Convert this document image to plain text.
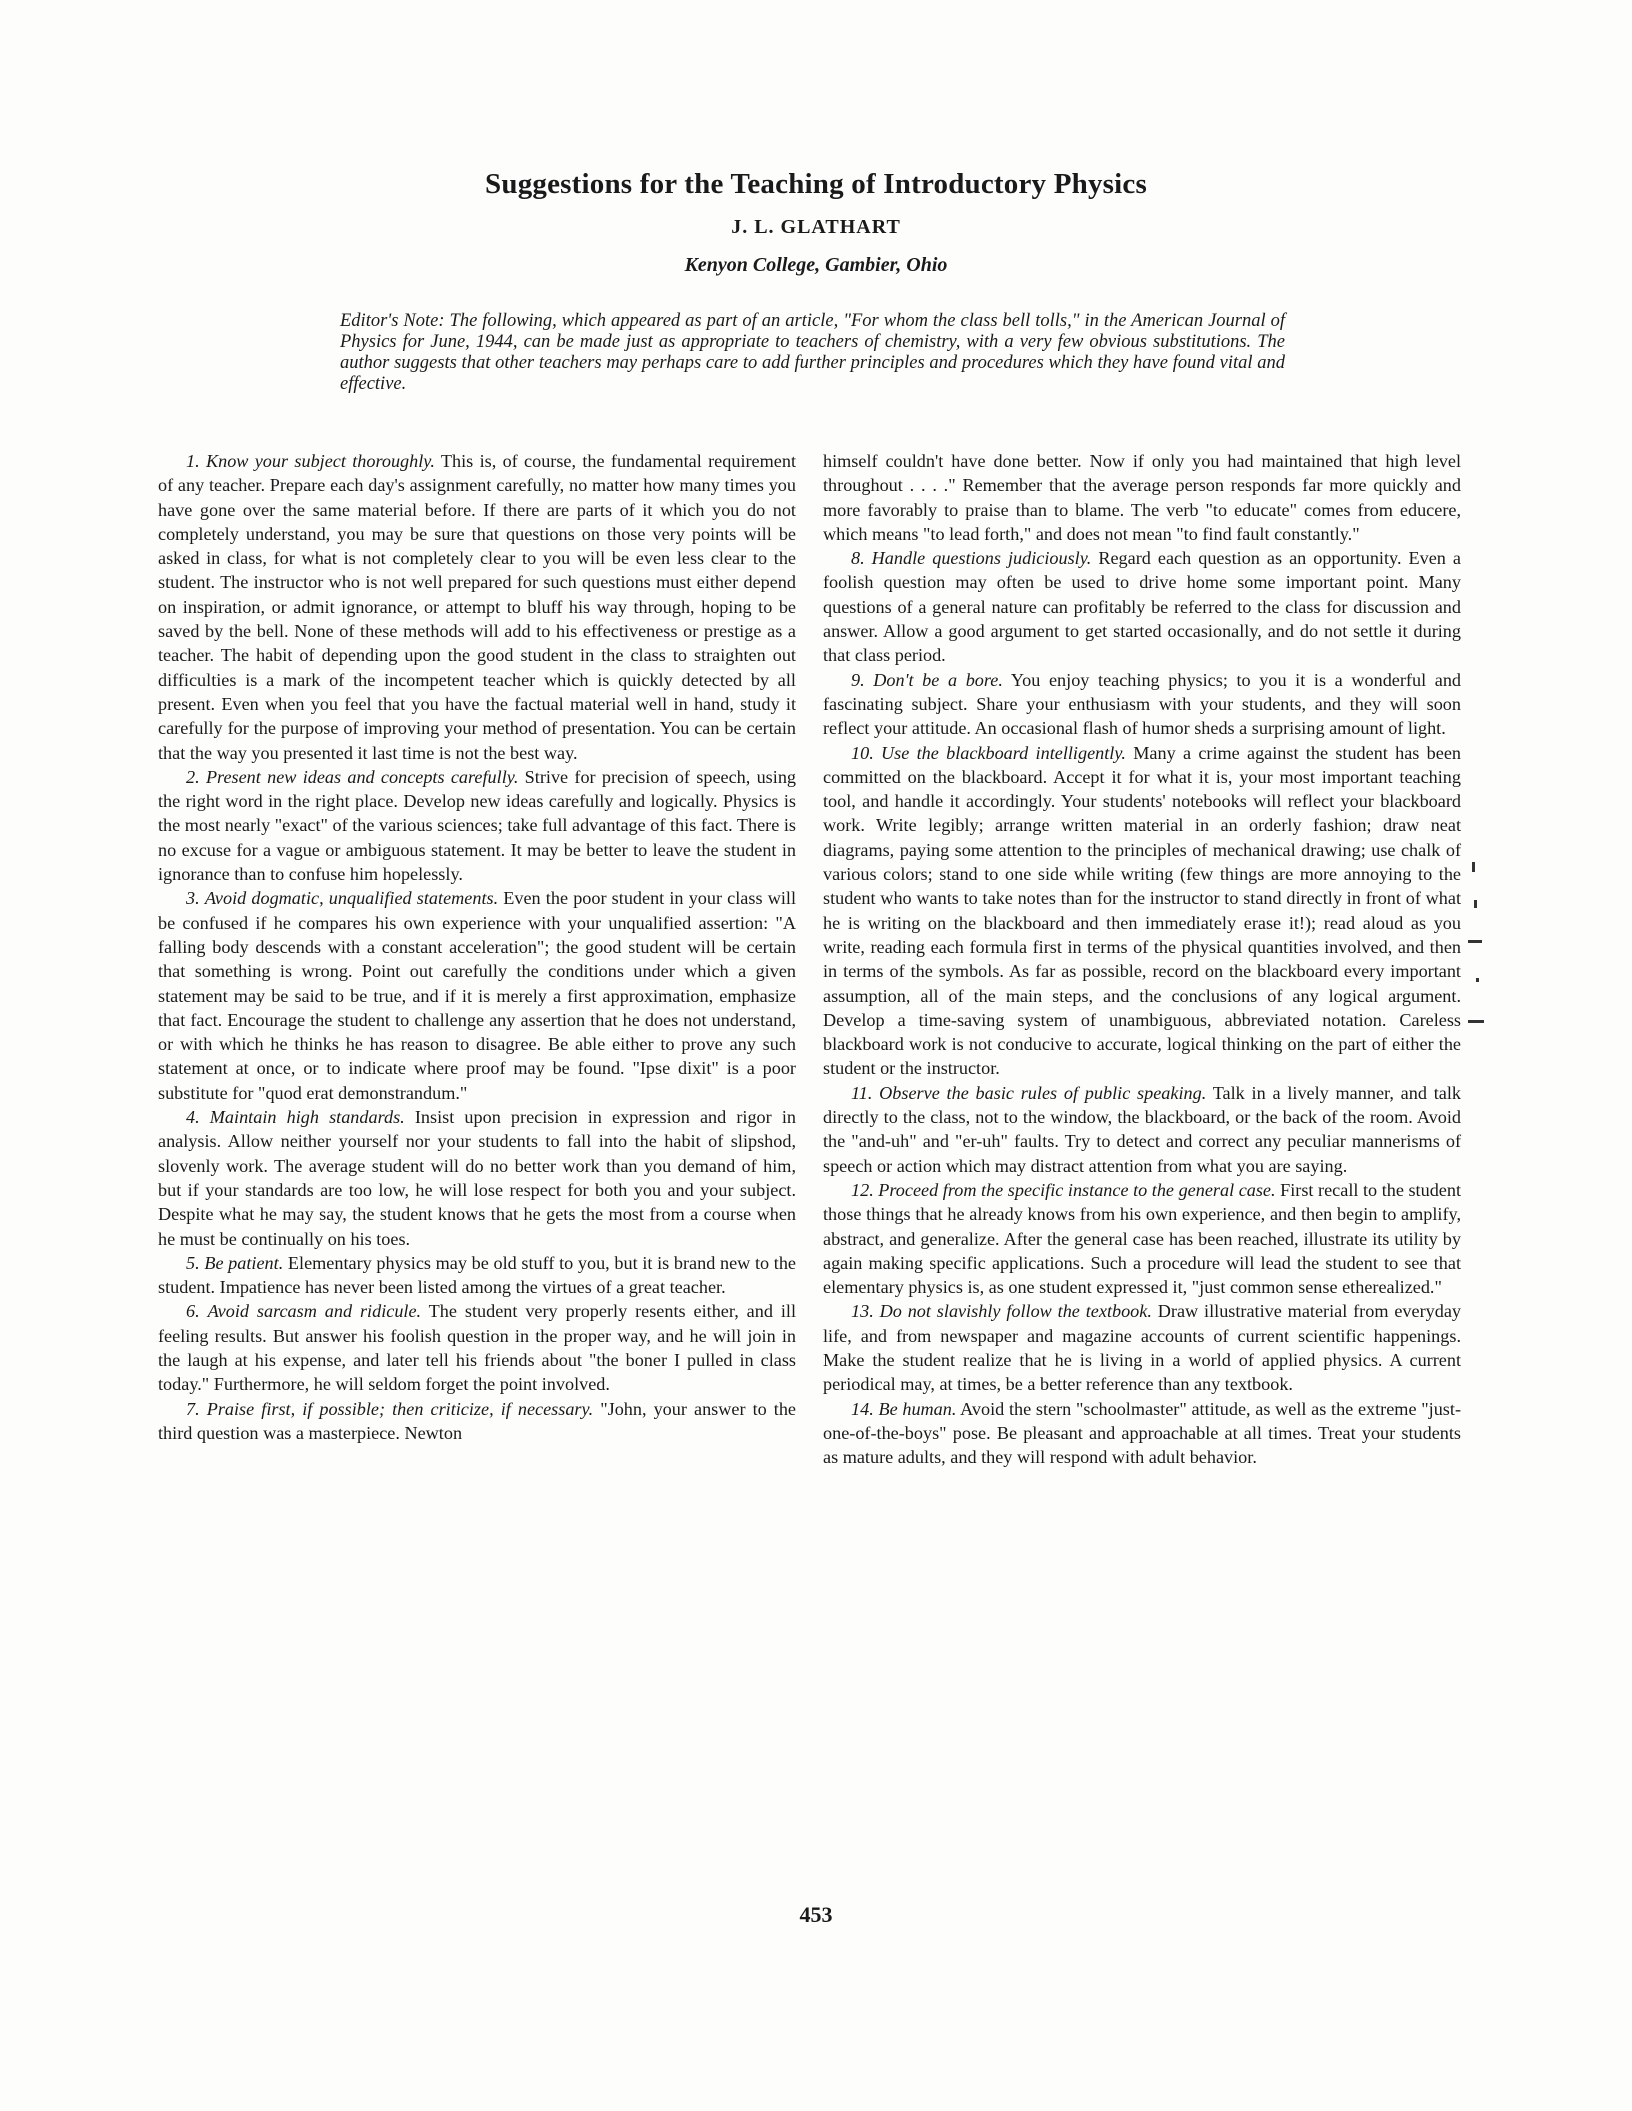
Suggestions for the Teaching of Introductory Physics
J. L. GLATHART
Kenyon College, Gambier, Ohio
Editor's Note: The following, which appeared as part of an article, "For whom the class bell tolls," in the American Journal of Physics for June, 1944, can be made just as appropriate to teachers of chemistry, with a very few obvious substitutions. The author suggests that other teachers may perhaps care to add further principles and procedures which they have found vital and effective.

1. Know your subject thoroughly. This is, of course, the fundamental requirement of any teacher. Prepare each day's assignment carefully, no matter how many times you have gone over the same material before. If there are parts of it which you do not completely understand, you may be sure that questions on those very points will be asked in class, for what is not completely clear to you will be even less clear to the student. The instructor who is not well prepared for such questions must either depend on inspiration, or admit ignorance, or attempt to bluff his way through, hoping to be saved by the bell. None of these methods will add to his effectiveness or prestige as a teacher. The habit of depending upon the good student in the class to straighten out difficulties is a mark of the incompetent teacher which is quickly detected by all present. Even when you feel that you have the factual material well in hand, study it carefully for the purpose of improving your method of presentation. You can be certain that the way you presented it last time is not the best way.

2. Present new ideas and concepts carefully. Strive for precision of speech, using the right word in the right place. Develop new ideas carefully and logically. Physics is the most nearly "exact" of the various sciences; take full advantage of this fact. There is no excuse for a vague or ambiguous statement. It may be better to leave the student in ignorance than to confuse him hopelessly.

3. Avoid dogmatic, unqualified statements. Even the poor student in your class will be confused if he compares his own experience with your unqualified assertion: "A falling body descends with a constant acceleration"; the good student will be certain that something is wrong. Point out carefully the conditions under which a given statement may be said to be true, and if it is merely a first approximation, emphasize that fact. Encourage the student to challenge any assertion that he does not understand, or with which he thinks he has reason to disagree. Be able either to prove any such statement at once, or to indicate where proof may be found. "Ipse dixit" is a poor substitute for "quod erat demonstrandum."

4. Maintain high standards. Insist upon precision in expression and rigor in analysis. Allow neither yourself nor your students to fall into the habit of slipshod, slovenly work. The average student will do no better work than you demand of him, but if your standards are too low, he will lose respect for both you and your subject. Despite what he may say, the student knows that he gets the most from a course when he must be continually on his toes.

5. Be patient. Elementary physics may be old stuff to you, but it is brand new to the student. Impatience has never been listed among the virtues of a great teacher.

6. Avoid sarcasm and ridicule. The student very properly resents either, and ill feeling results. But answer his foolish question in the proper way, and he will join in the laugh at his expense, and later tell his friends about "the boner I pulled in class today." Furthermore, he will seldom forget the point involved.

7. Praise first, if possible; then criticize, if necessary. "John, your answer to the third question was a masterpiece. Newton

himself couldn't have done better. Now if only you had maintained that high level throughout . . . ." Remember that the average person responds far more quickly and more favorably to praise than to blame. The verb "to educate" comes from educere, which means "to lead forth," and does not mean "to find fault constantly."

8. Handle questions judiciously. Regard each question as an opportunity. Even a foolish question may often be used to drive home some important point. Many questions of a general nature can profitably be referred to the class for discussion and answer. Allow a good argument to get started occasionally, and do not settle it during that class period.

9. Don't be a bore. You enjoy teaching physics; to you it is a wonderful and fascinating subject. Share your enthusiasm with your students, and they will soon reflect your attitude. An occasional flash of humor sheds a surprising amount of light.

10. Use the blackboard intelligently. Many a crime against the student has been committed on the blackboard. Accept it for what it is, your most important teaching tool, and handle it accordingly. Your students' notebooks will reflect your blackboard work. Write legibly; arrange written material in an orderly fashion; draw neat diagrams, paying some attention to the principles of mechanical drawing; use chalk of various colors; stand to one side while writing (few things are more annoying to the student who wants to take notes than for the instructor to stand directly in front of what he is writing on the blackboard and then immediately erase it!); read aloud as you write, reading each formula first in terms of the physical quantities involved, and then in terms of the symbols. As far as possible, record on the blackboard every important assumption, all of the main steps, and the conclusions of any logical argument. Develop a time-saving system of unambiguous, abbreviated notation. Careless blackboard work is not conducive to accurate, logical thinking on the part of either the student or the instructor.

11. Observe the basic rules of public speaking. Talk in a lively manner, and talk directly to the class, not to the window, the blackboard, or the back of the room. Avoid the "and-uh" and "er-uh" faults. Try to detect and correct any peculiar mannerisms of speech or action which may distract attention from what you are saying.

12. Proceed from the specific instance to the general case. First recall to the student those things that he already knows from his own experience, and then begin to amplify, abstract, and generalize. After the general case has been reached, illustrate its utility by again making specific applications. Such a procedure will lead the student to see that elementary physics is, as one student expressed it, "just common sense etherealized."

13. Do not slavishly follow the textbook. Draw illustrative material from everyday life, and from newspaper and magazine accounts of current scientific happenings. Make the student realize that he is living in a world of applied physics. A current periodical may, at times, be a better reference than any textbook.

14. Be human. Avoid the stern "schoolmaster" attitude, as well as the extreme "just-one-of-the-boys" pose. Be pleasant and approachable at all times. Treat your students as mature adults, and they will respond with adult behavior.

453
